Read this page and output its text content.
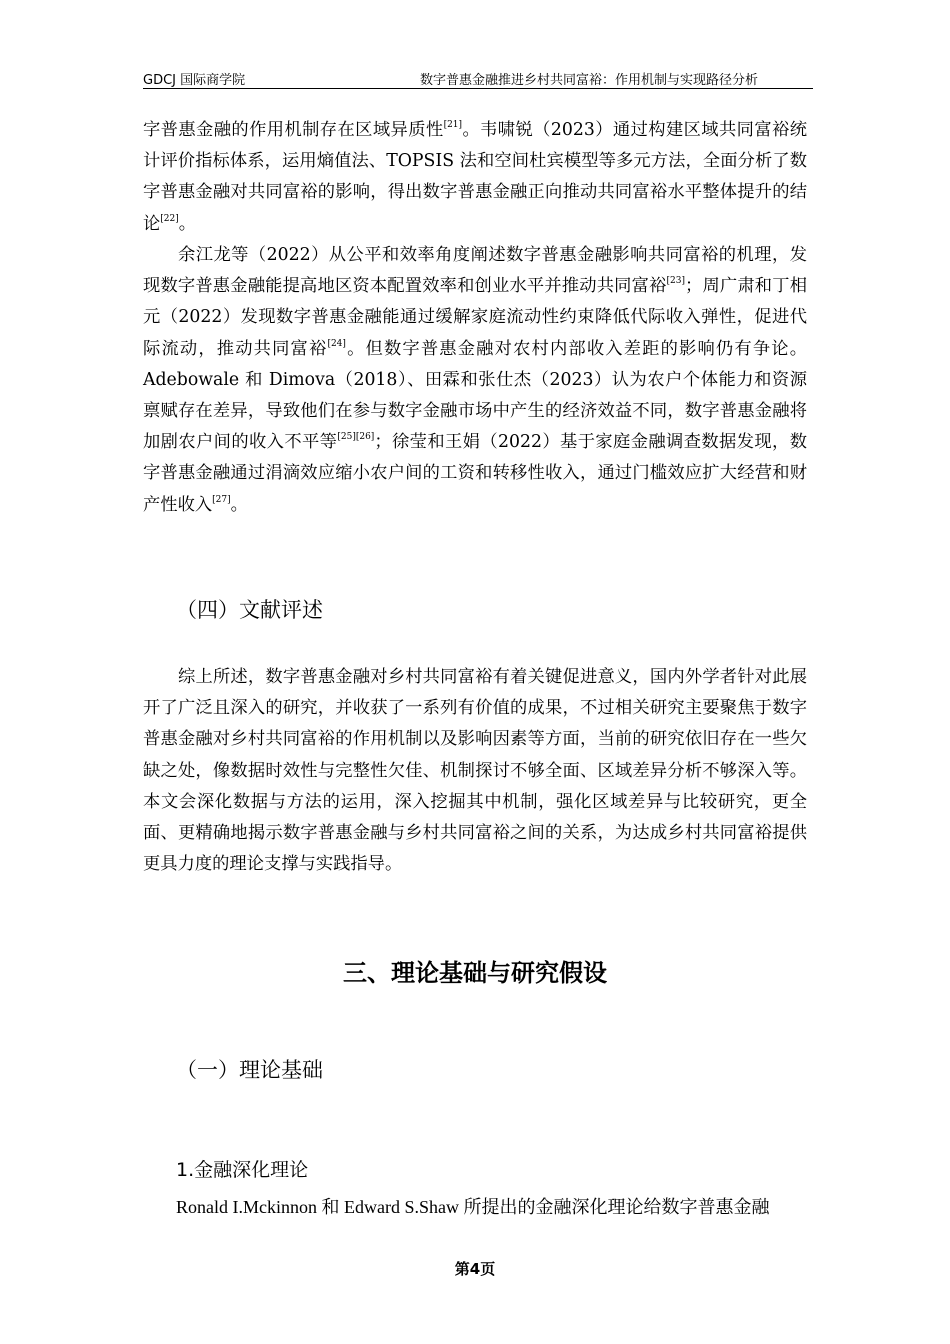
GDCJ 国际商学院	数字普惠金融推进乡村共同富裕：作用机制与实现路径分析

字普惠金融的作用机制存在区域异质性[21]。韦啸锐（2023）通过构建区域共同富裕统计评价指标体系，运用熵值法、TOPSIS 法和空间杜宾模型等多元方法，全面分析了数字普惠金融对共同富裕的影响，得出数字普惠金融正向推动共同富裕水平整体提升的结论[22]。

余江龙等（2022）从公平和效率角度阐述数字普惠金融影响共同富裕的机理，发现数字普惠金融能提高地区资本配置效率和创业水平并推动共同富裕[23]；周广肃和丁相元（2022）发现数字普惠金融能通过缓解家庭流动性约束降低代际收入弹性，促进代际流动，推动共同富裕[24]。但数字普惠金融对农村内部收入差距的影响仍有争论。Adebowale 和 Dimova（2018）、田霖和张仕杰（2023）认为农户个体能力和资源禀赋存在差异，导致他们在参与数字金融市场中产生的经济效益不同，数字普惠金融将加剧农户间的收入不平等[25][26]；徐莹和王娟（2022）基于家庭金融调查数据发现，数字普惠金融通过涓滴效应缩小农户间的工资和转移性收入，通过门槛效应扩大经营和财产性收入[27]。

（四）文献评述

综上所述，数字普惠金融对乡村共同富裕有着关键促进意义，国内外学者针对此展开了广泛且深入的研究，并收获了一系列有价值的成果，不过相关研究主要聚焦于数字普惠金融对乡村共同富裕的作用机制以及影响因素等方面，当前的研究依旧存在一些欠缺之处，像数据时效性与完整性欠佳、机制探讨不够全面、区域差异分析不够深入等。本文会深化数据与方法的运用，深入挖掘其中机制，强化区域差异与比较研究，更全面、更精确地揭示数字普惠金融与乡村共同富裕之间的关系，为达成乡村共同富裕提供更具力度的理论支撑与实践指导。

三、理论基础与研究假设
（一）理论基础
1.金融深化理论

Ronald I.Mckinnon 和 Edward S.Shaw 所提出的金融深化理论给数字普惠金融

第4页
